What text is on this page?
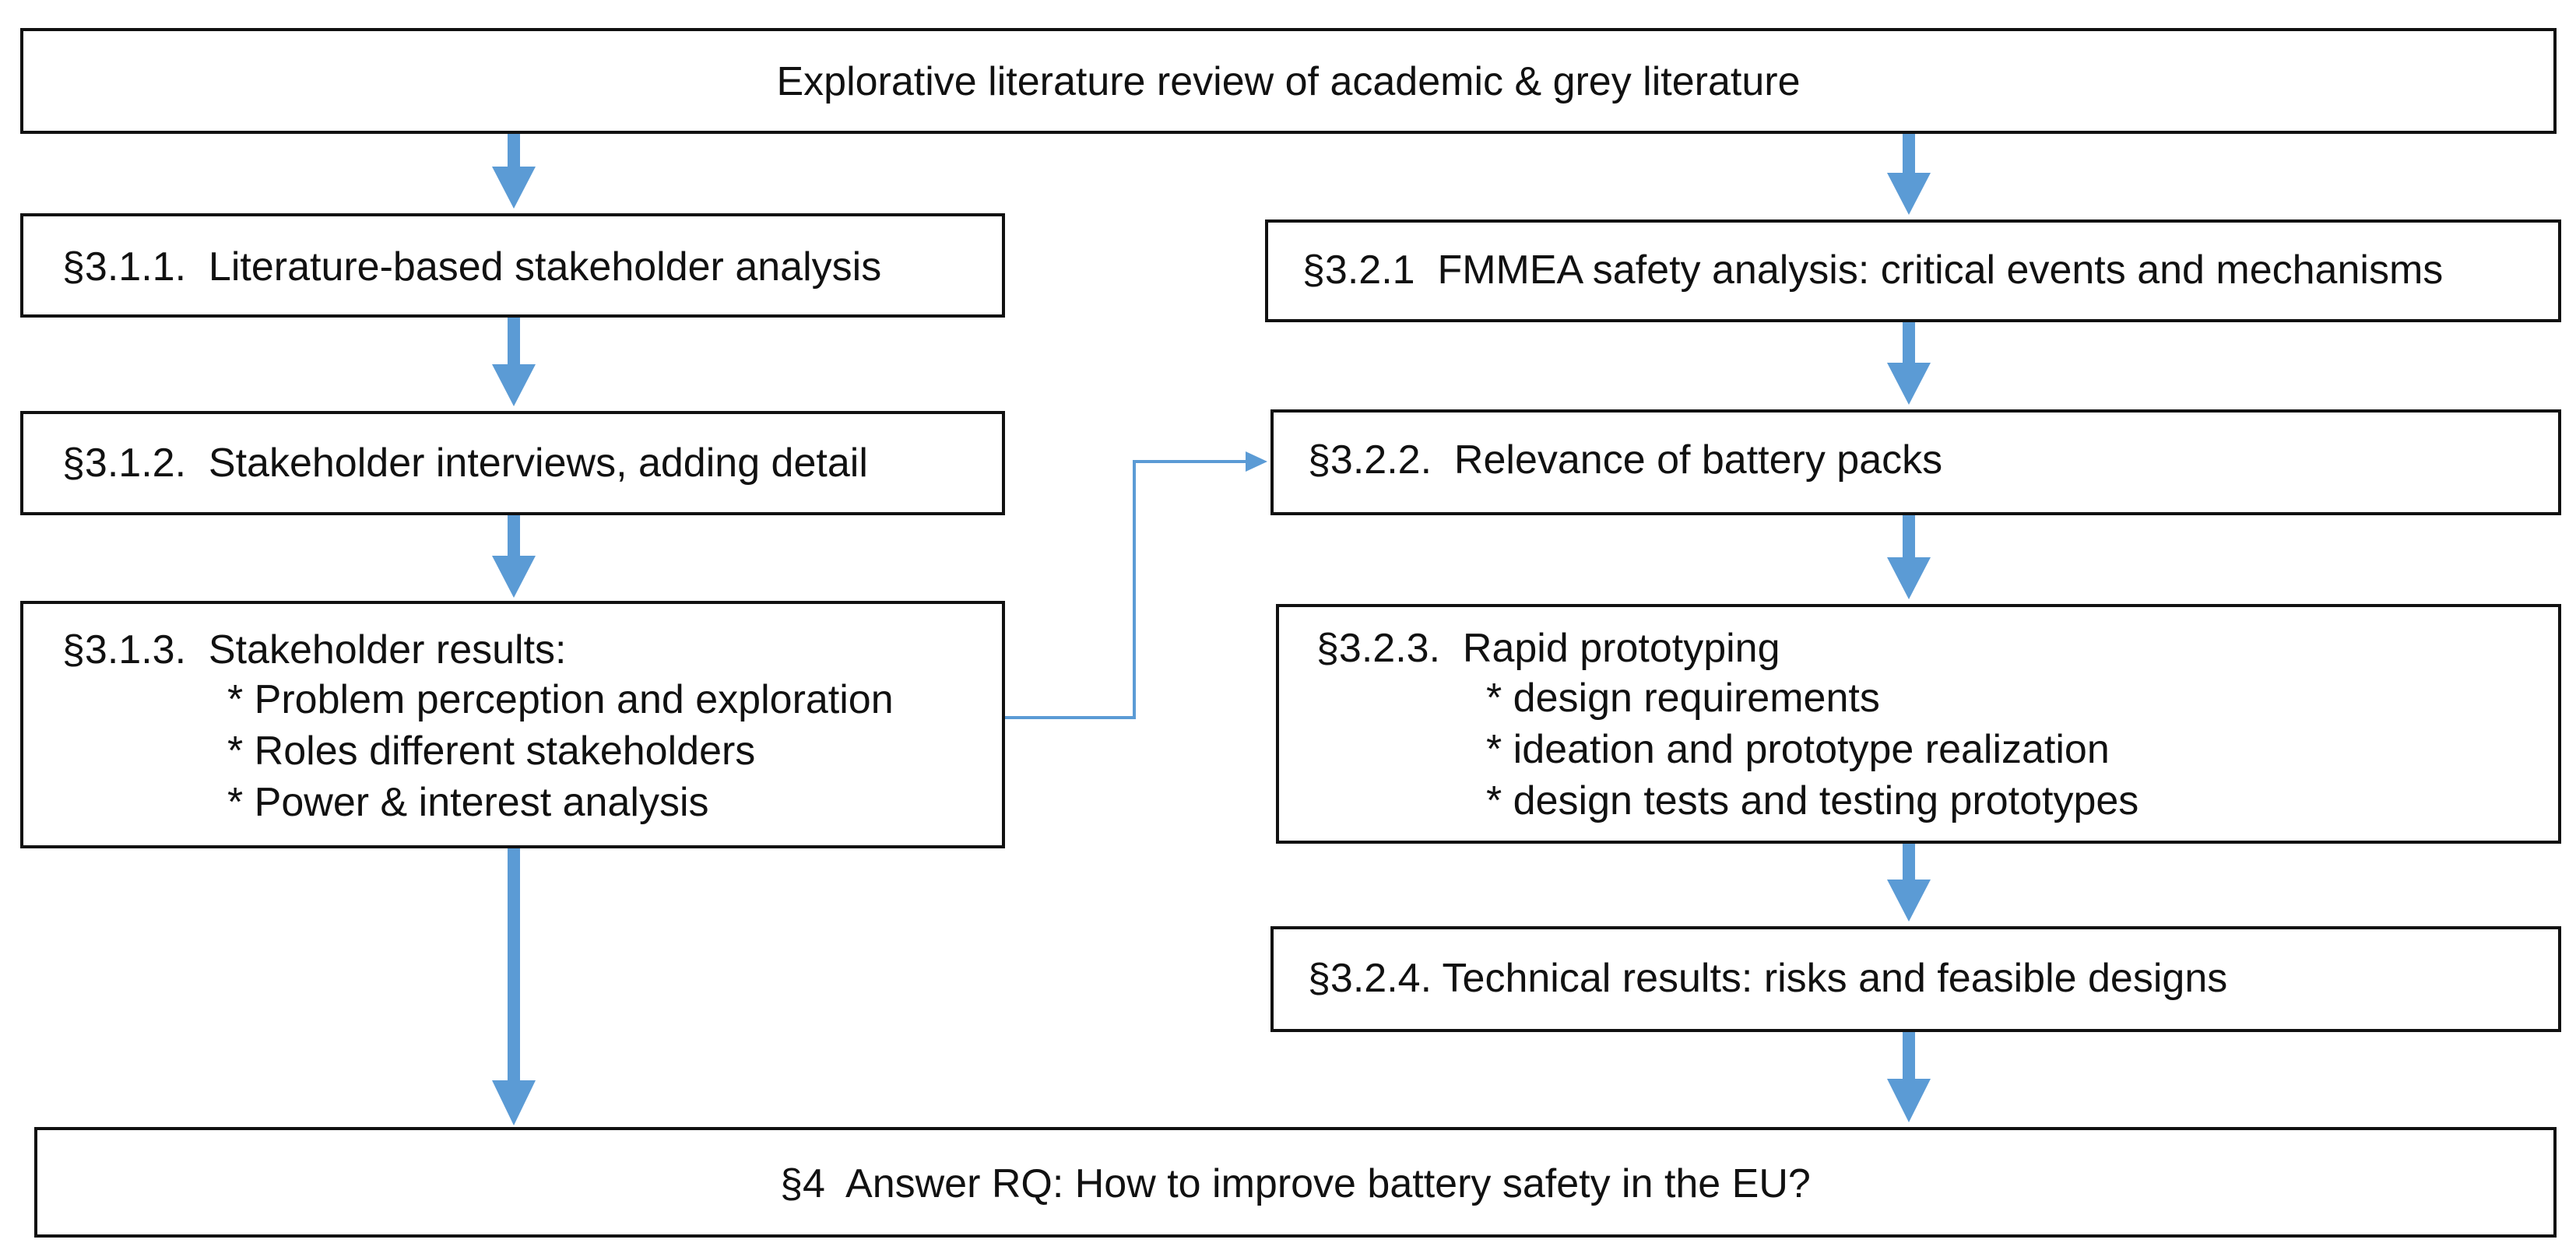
Explorative literature review of academic & grey literature
§3.1.1.  Literature-based stakeholder analysis
§3.1.2.  Stakeholder interviews, adding detail
§3.1.3.  Stakeholder results:
* Problem perception and exploration
* Roles different stakeholders
* Power & interest analysis
§3.2.1  FMMEA safety analysis: critical events and mechanisms
§3.2.2.  Relevance of battery packs
§3.2.3.  Rapid prototyping
* design requirements
* ideation and prototype realization
* design tests and testing prototypes
§3.2.4. Technical results: risks and feasible designs
§4  Answer RQ: How to improve battery safety in the EU?
